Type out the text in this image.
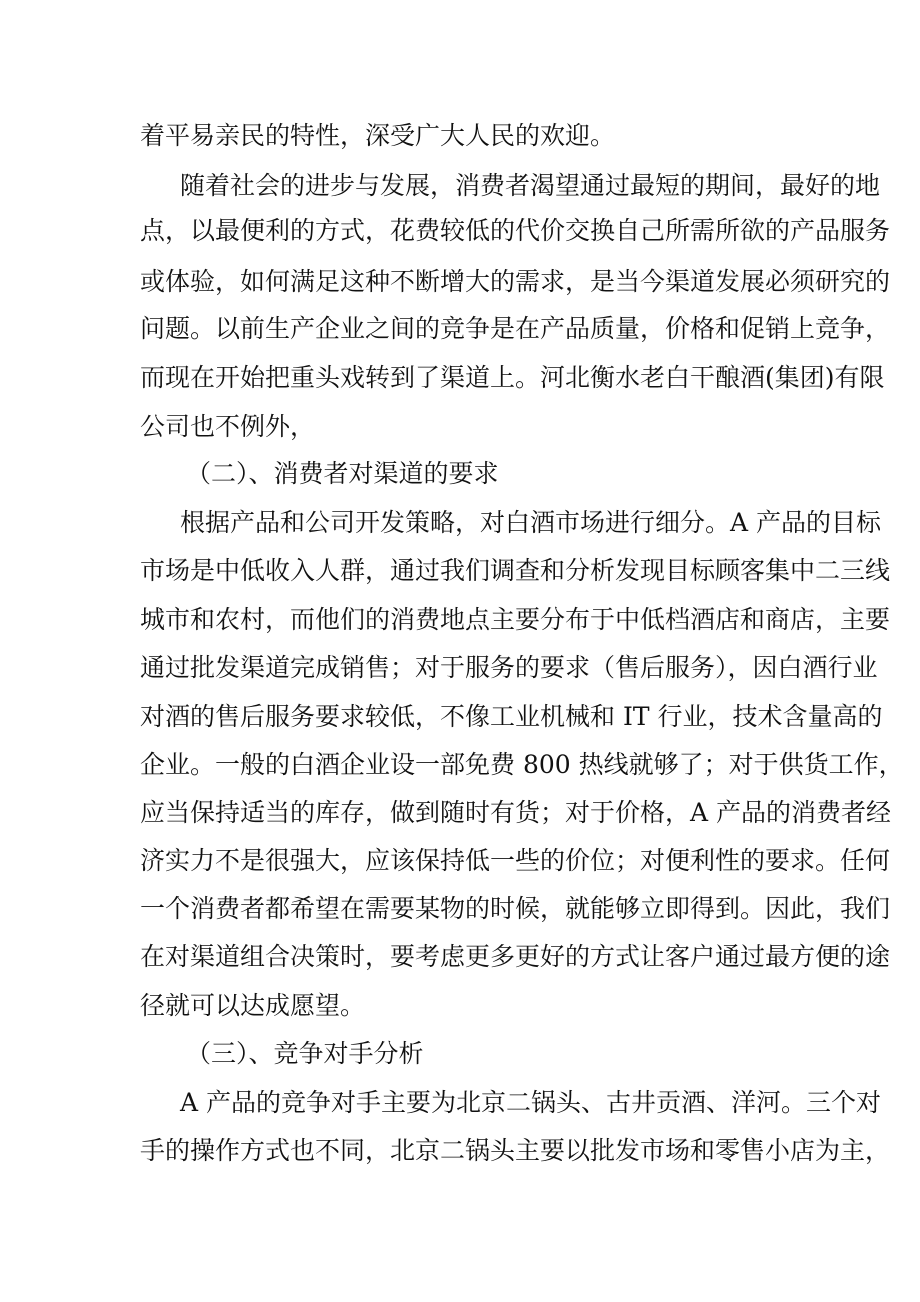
着平易亲民的特性，深受广大人民的欢迎。
随着社会的进步与发展，消费者渴望通过最短的期间，最好的地
点，以最便利的方式，花费较低的代价交换自己所需所欲的产品服务
或体验，如何满足这种不断增大的需求，是当今渠道发展必须研究的
问题。以前生产企业之间的竞争是在产品质量，价格和促销上竞争，
而现在开始把重头戏转到了渠道上。河北衡水老白干酿酒(集团)有限
公司也不例外，
（二）、消费者对渠道的要求
根据产品和公司开发策略，对白酒市场进行细分。A 产品的目标
市场是中低收入人群，通过我们调查和分析发现目标顾客集中二三线
城市和农村，而他们的消费地点主要分布于中低档酒店和商店，主要
通过批发渠道完成销售；对于服务的要求（售后服务），因白酒行业
对酒的售后服务要求较低，不像工业机械和 IT 行业，技术含量高的
企业。一般的白酒企业设一部免费 800 热线就够了；对于供货工作，
应当保持适当的库存，做到随时有货；对于价格，A 产品的消费者经
济实力不是很强大，应该保持低一些的价位；对便利性的要求。任何
一个消费者都希望在需要某物的时候，就能够立即得到。因此，我们
在对渠道组合决策时，要考虑更多更好的方式让客户通过最方便的途
径就可以达成愿望。
（三）、竞争对手分析
A 产品的竞争对手主要为北京二锅头、古井贡酒、洋河。三个对
手的操作方式也不同，北京二锅头主要以批发市场和零售小店为主，
